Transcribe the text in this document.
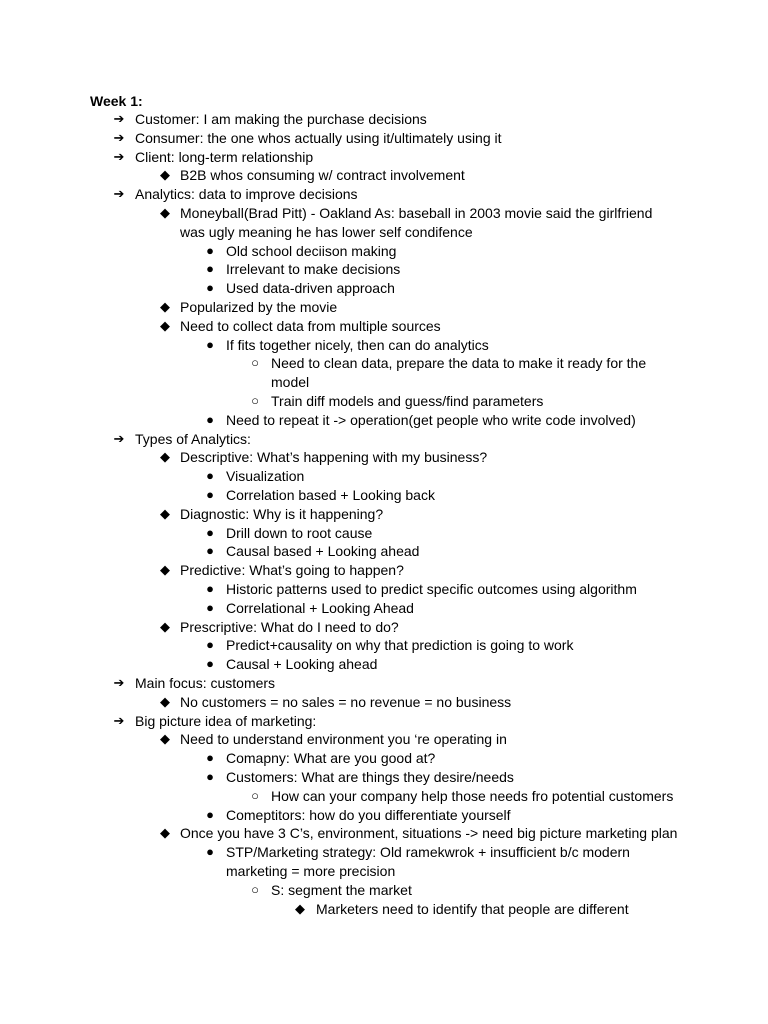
Week 1:
➔ Customer: I am making the purchase decisions
➔ Consumer: the one whos actually using it/ultimately using it
➔ Client: long-term relationship
◆ B2B whos consuming w/ contract involvement
➔ Analytics: data to improve decisions
◆ Moneyball(Brad Pitt) - Oakland As: baseball in 2003 movie said the girlfriend was ugly meaning he has lower self condifence
● Old school deciison making
● Irrelevant to make decisions
● Used data-driven approach
◆ Popularized by the movie
◆ Need to collect data from multiple sources
● If fits together nicely, then can do analytics
○ Need to clean data, prepare the data to make it ready for the model
○ Train diff models and guess/find parameters
● Need to repeat it -> operation(get people who write code involved)
➔ Types of Analytics:
◆ Descriptive: What’s happening with my business?
● Visualization
● Correlation based + Looking back
◆ Diagnostic: Why is it happening?
● Drill down to root cause
● Causal based + Looking ahead
◆ Predictive: What’s going to happen?
● Historic patterns used to predict specific outcomes using algorithm
● Correlational + Looking Ahead
◆ Prescriptive: What do I need to do?
● Predict+causality on why that prediction is going to work
● Causal + Looking ahead
➔ Main focus: customers
◆ No customers = no sales = no revenue = no business
➔ Big picture idea of marketing:
◆ Need to understand environment you ‘re operating in
● Comapny: What are you good at?
● Customers: What are things they desire/needs
○ How can your company help those needs fro potential customers
● Comeptitors: how do you differentiate yourself
◆ Once you have 3 C’s, environment, situations -> need big picture marketing plan
● STP/Marketing strategy: Old ramekwrok + insufficient b/c modern marketing = more precision
○ S: segment the market
◆ Marketers need to identify that people are different
